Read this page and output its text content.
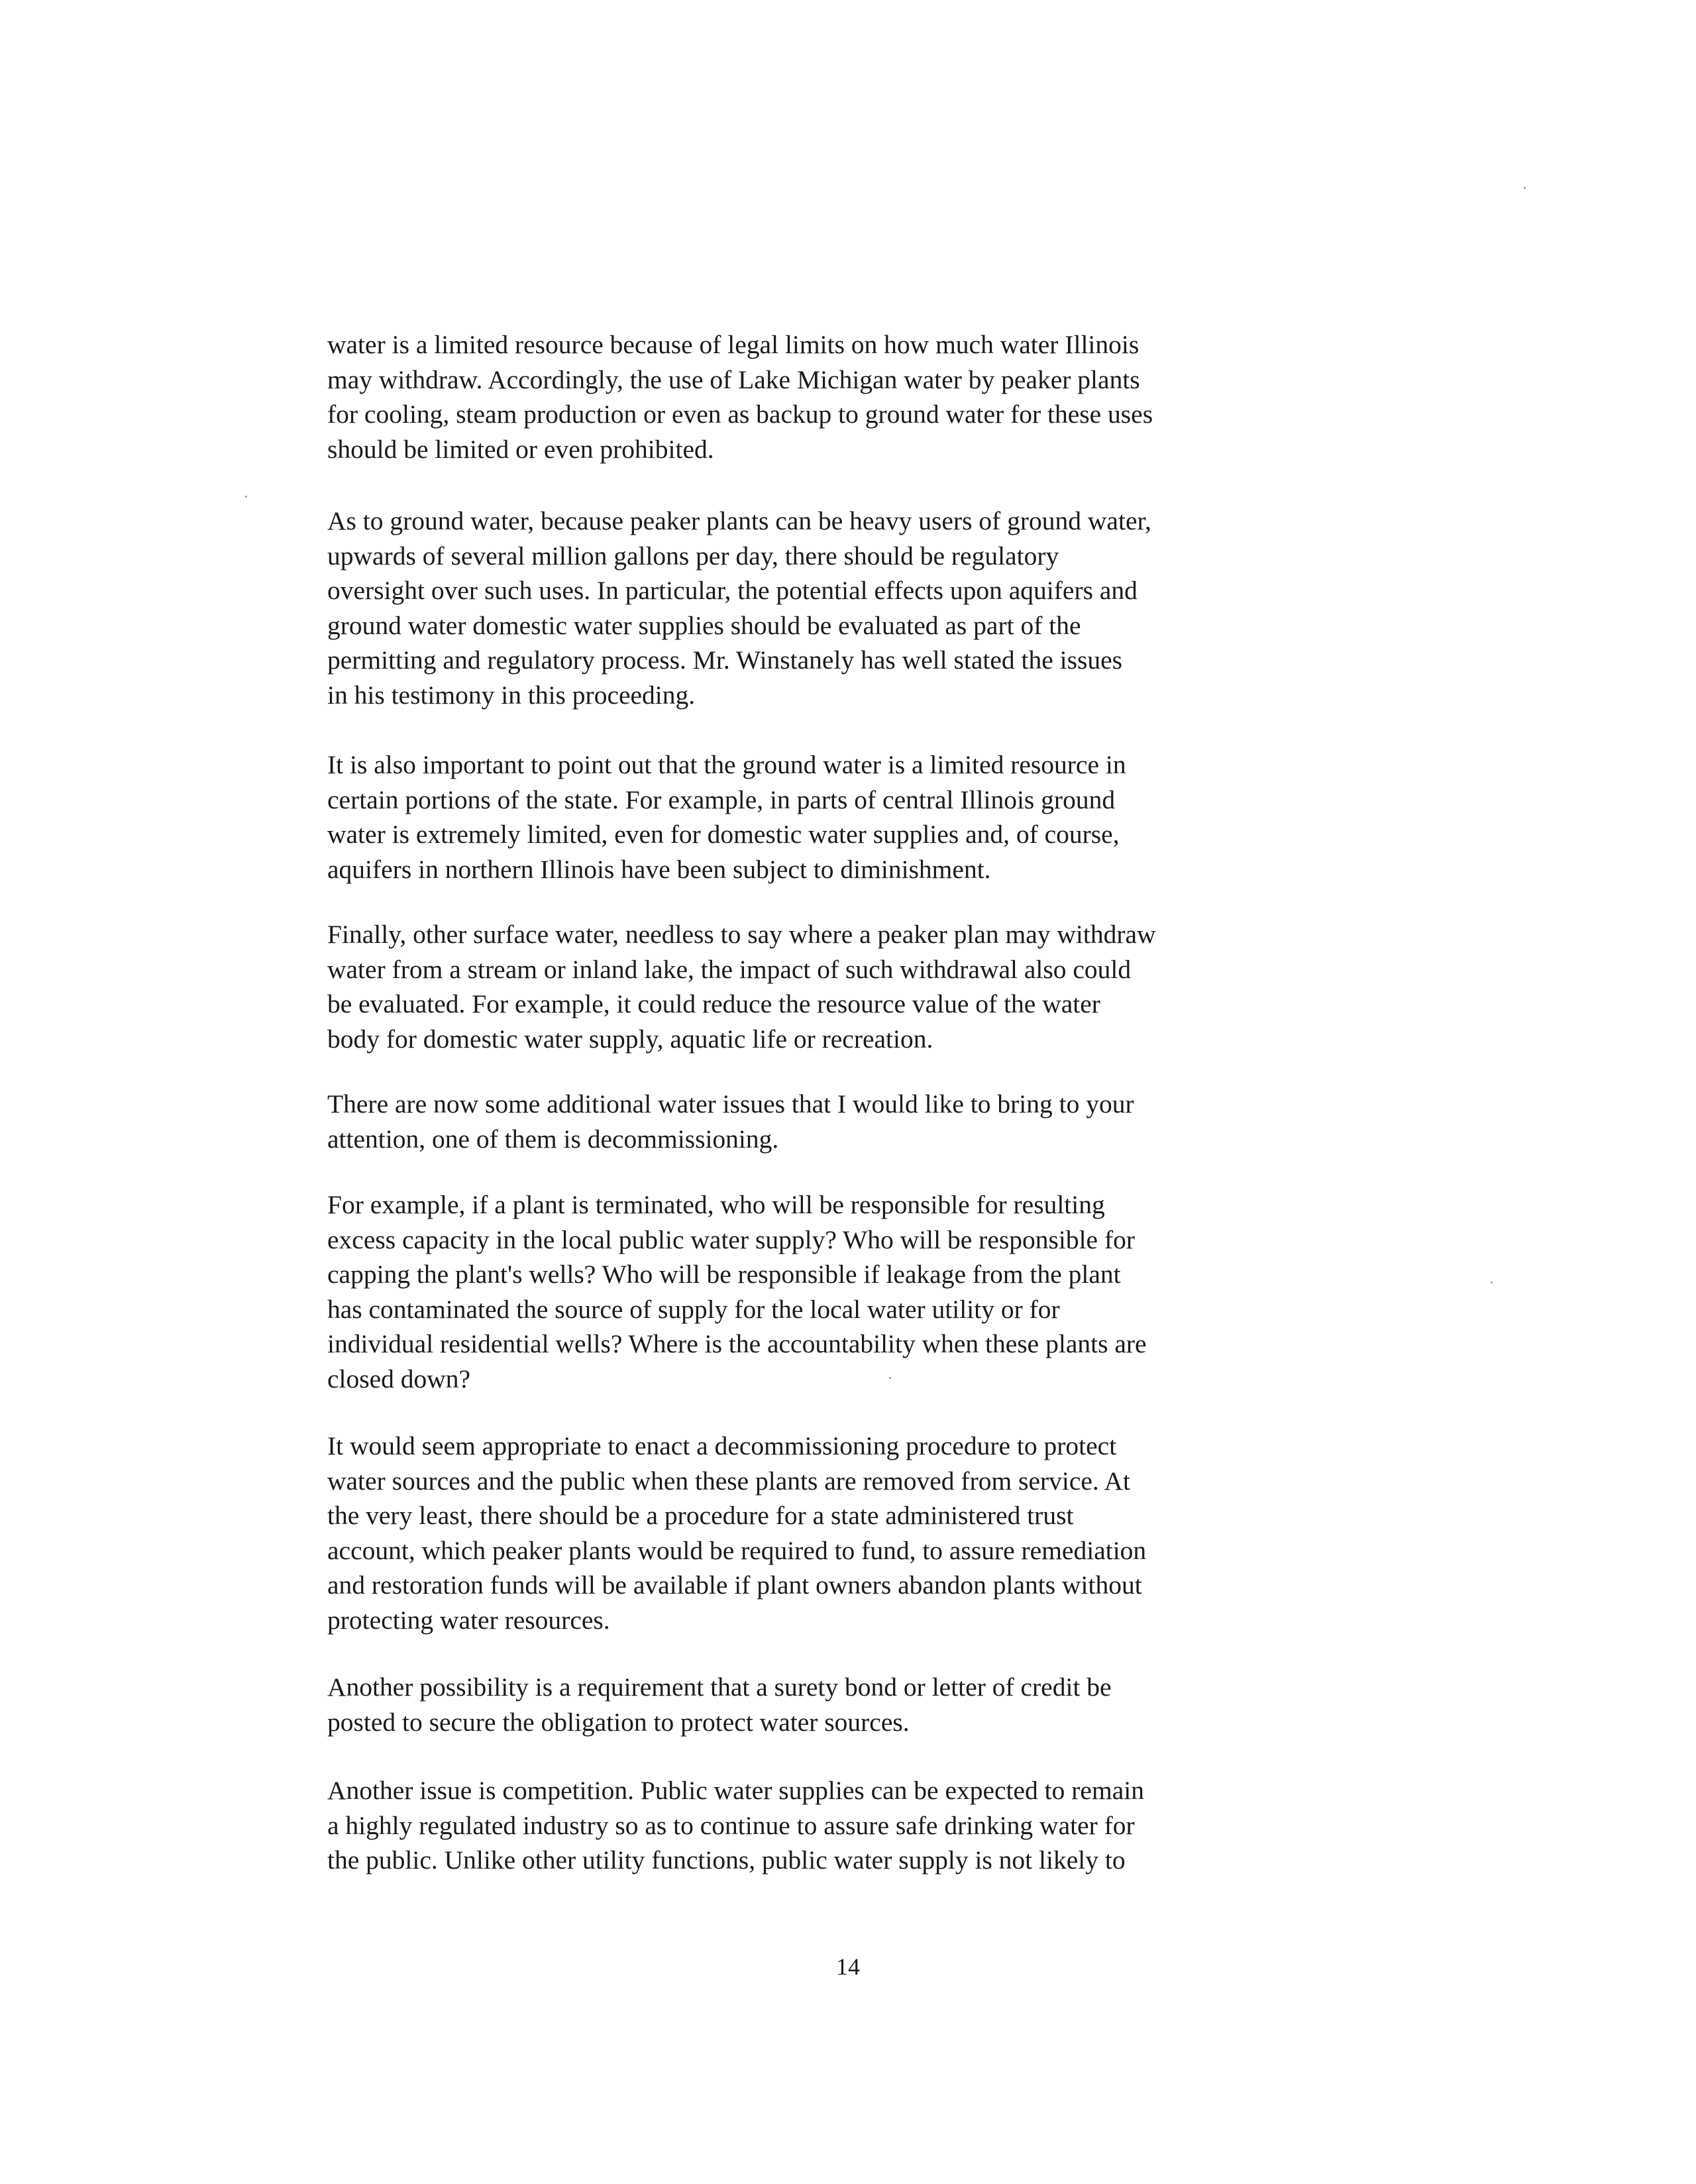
water is a limited resource because of legal limits on how much water Illinois
may withdraw. Accordingly, the use of Lake Michigan water by peaker plants
for cooling, steam production or even as backup to ground water for these uses
should be limited or even prohibited.

As to ground water, because peaker plants can be heavy users of ground water,
upwards of several million gallons per day, there should be regulatory
oversight over such uses. In particular, the potential effects upon aquifers and
ground water domestic water supplies should be evaluated as part of the
permitting and regulatory process. Mr. Winstanely has well stated the issues
in his testimony in this proceeding.

It is also important to point out that the ground water is a limited resource in
certain portions of the state. For example, in parts of central Illinois ground
water is extremely limited, even for domestic water supplies and, of course,
aquifers in northern Illinois have been subject to diminishment.

Finally, other surface water, needless to say where a peaker plan may withdraw
water from a stream or inland lake, the impact of such withdrawal also could
be evaluated. For example, it could reduce the resource value of the water
body for domestic water supply, aquatic life or recreation.

There are now some additional water issues that I would like to bring to your
attention, one of them is decommissioning.

For example, if a plant is terminated, who will be responsible for resulting
excess capacity in the local public water supply? Who will be responsible for
capping the plant's wells? Who will be responsible if leakage from the plant
has contaminated the source of supply for the local water utility or for
individual residential wells? Where is the accountability when these plants are
closed down?

It would seem appropriate to enact a decommissioning procedure to protect
water sources and the public when these plants are removed from service. At
the very least, there should be a procedure for a state administered trust
account, which peaker plants would be required to fund, to assure remediation
and restoration funds will be available if plant owners abandon plants without
protecting water resources.

Another possibility is a requirement that a surety bond or letter of credit be
posted to secure the obligation to protect water sources.

Another issue is competition. Public water supplies can be expected to remain
a highly regulated industry so as to continue to assure safe drinking water for
the public. Unlike other utility functions, public water supply is not likely to

14
